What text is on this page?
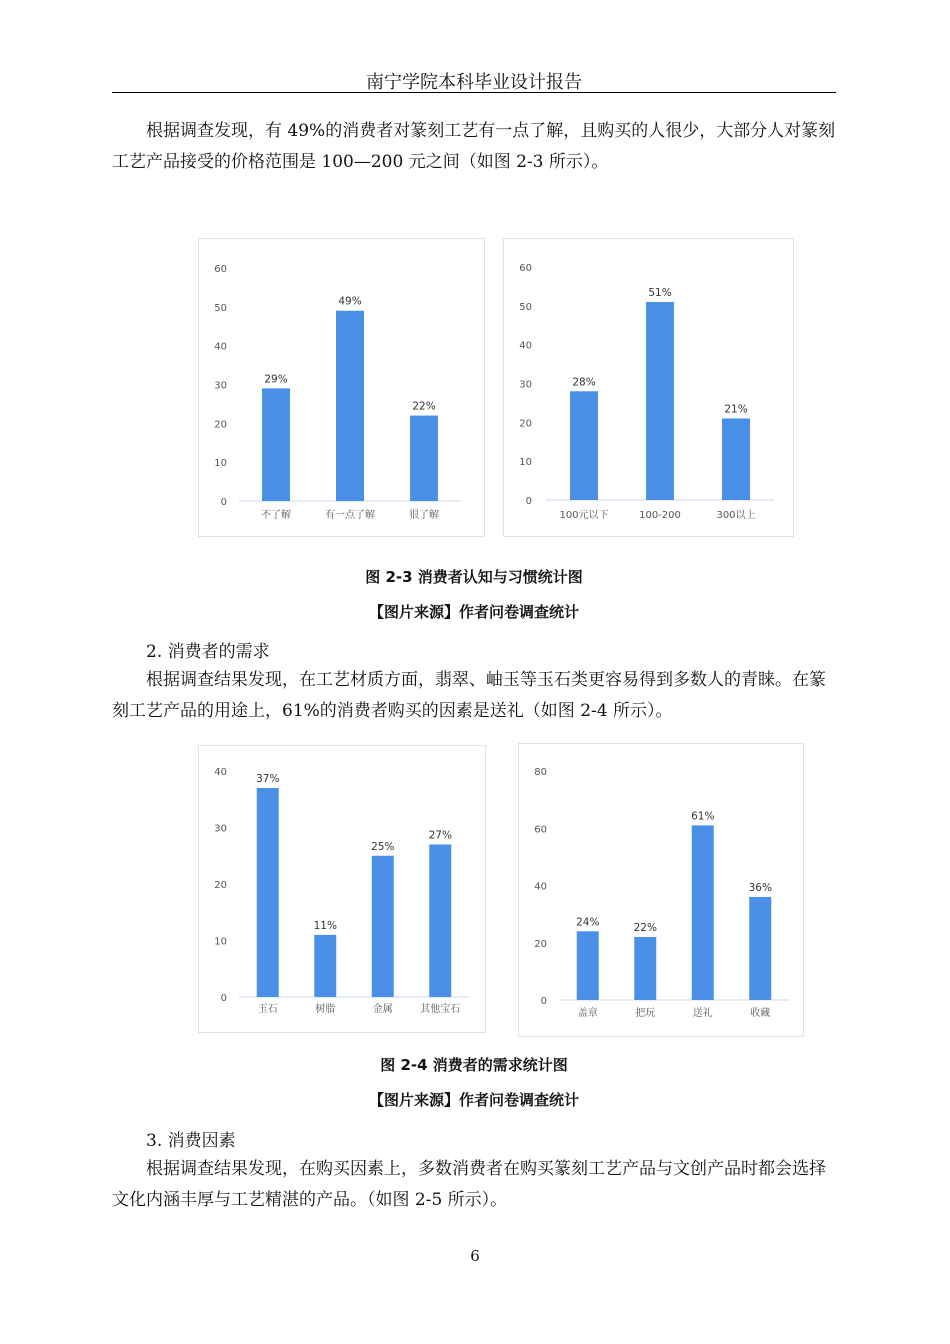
南宁学院本科毕业设计报告

根据调查发现，有 49%的消费者对篆刻工艺有一点了解，且购买的人很少，大部分人对篆刻工艺产品接受的价格范围是 100—200 元之间（如图 2-3 所示）。

0
10
20
30
40
50
60
29%
不了解
49%
有一点了解
22%
很了解
0
10
20
30
40
50
60
28%
100元以下
51%
100-200
21%
300以上
图 2-3 消费者认知与习惯统计图
【图片来源】作者问卷调查统计
2. 消费者的需求

根据调查结果发现，在工艺材质方面，翡翠、岫玉等玉石类更容易得到多数人的青睐。在篆刻工艺产品的用途上，61%的消费者购买的因素是送礼（如图 2-4 所示）。

0
10
20
30
40
37%
玉石
11%
树脂
25%
金属
27%
其他宝石
0
20
40
60
80
24%
盖章
22%
把玩
61%
送礼
36%
收藏
图 2-4 消费者的需求统计图
【图片来源】作者问卷调查统计
3. 消费因素

根据调查结果发现，在购买因素上，多数消费者在购买篆刻工艺产品与文创产品时都会选择文化内涵丰厚与工艺精湛的产品。（如图 2-5 所示）。

6
